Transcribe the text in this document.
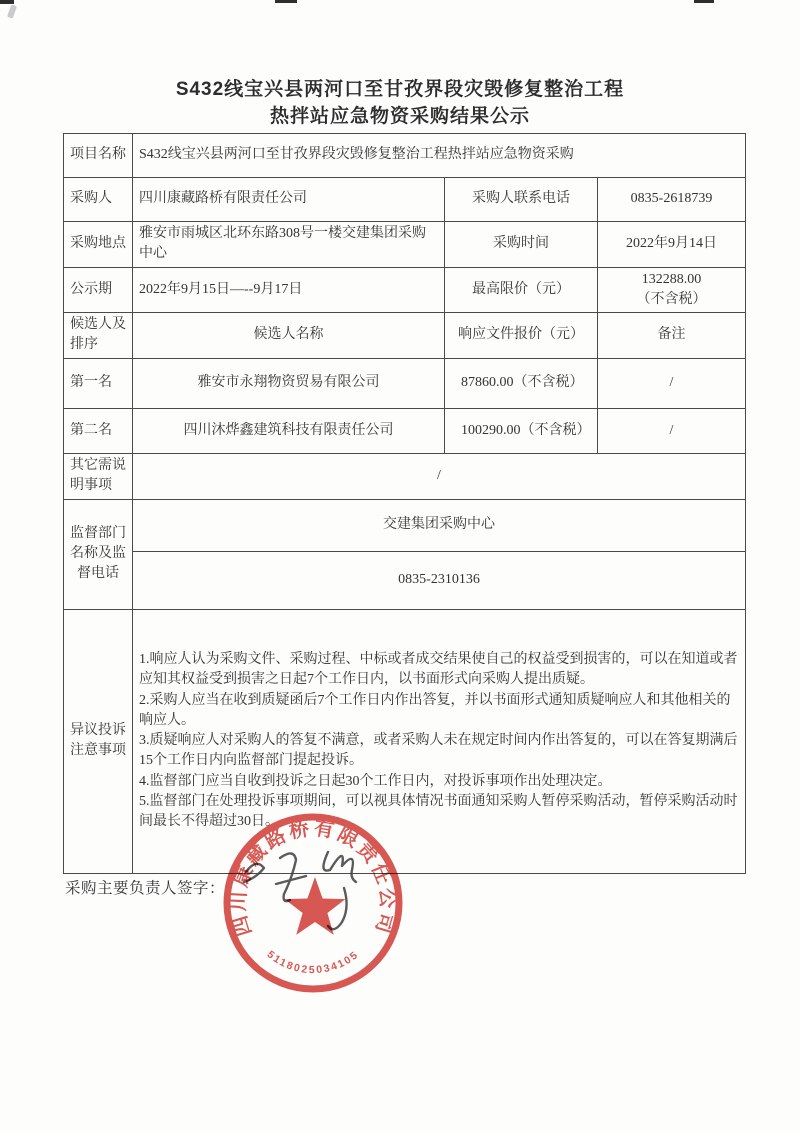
S432线宝兴县两河口至甘孜界段灾毁修复整治工程
热拌站应急物资采购结果公示
项目名称	S432线宝兴县两河口至甘孜界段灾毁修复整治工程热拌站应急物资采购		
采购人	四川康藏路桥有限责任公司	采购人联系电话	0835-2618739
采购地点	雅安市雨城区北环东路308号一楼交建集团采购中心	采购时间	2022年9月14日
公示期	2022年9月15日—--9月17日	最高限价（元）	132288.00
（不含税）

候选人及排序	候选人名称	响应文件报价（元）	备注
第一名	雅安市永翔物资贸易有限公司	87860.00（不含税）	/
第二名	四川沐烨鑫建筑科技有限责任公司	100290.00（不含税）	/
其它需说明事项	/		
监督部门名称及监督电话	交建集团采购中心		
	0835-2310136		
异议投诉注意事项	1.响应人认为采购文件、采购过程、中标或者成交结果使自己的权益受到损害的，可以在知道或者应知其权益受到损害之日起7个工作日内，以书面形式向采购人提出质疑。

2.采购人应当在收到质疑函后7个工作日内作出答复，并以书面形式通知质疑响应人和其他相关的响应人。

3.质疑响应人对采购人的答复不满意，或者采购人未在规定时间内作出答复的，可以在答复期满后15个工作日内向监督部门提起投诉。

4.监督部门应当自收到投诉之日起30个工作日内，对投诉事项作出处理决定。

5.监督部门在处理投诉事项期间，可以视具体情况书面通知采购人暂停采购活动，暂停采购活动时间最长不得超过30日。		

采购主要负责人签字：
四川康藏路桥有限责任公司
5118025034105
